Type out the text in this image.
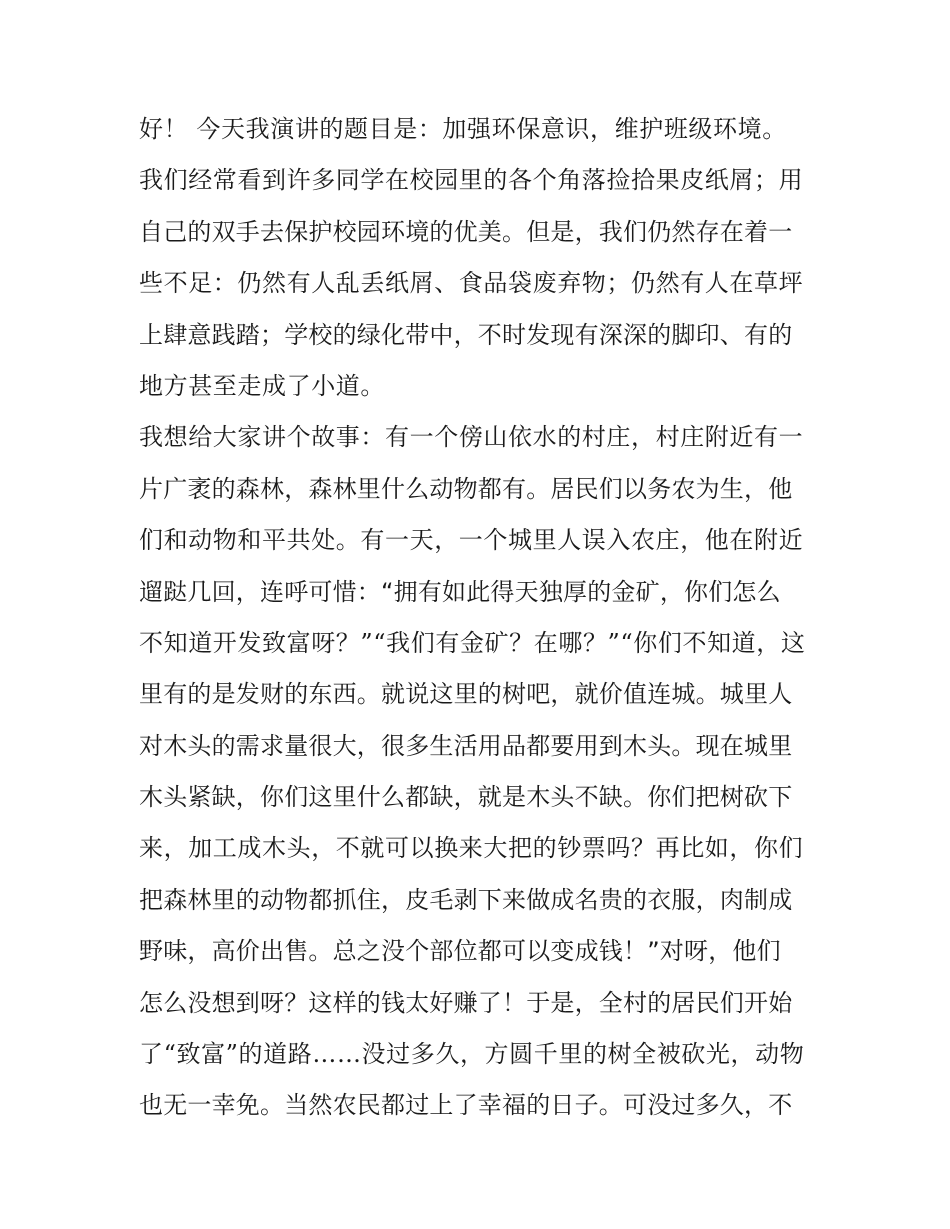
好！ 今天我演讲的题目是：加强环保意识，维护班级环境。
我们经常看到许多同学在校园里的各个角落捡拾果皮纸屑；用
自己的双手去保护校园环境的优美。但是，我们仍然存在着一
些不足：仍然有人乱丢纸屑、食品袋废弃物；仍然有人在草坪
上肆意践踏；学校的绿化带中，不时发现有深深的脚印、有的
地方甚至走成了小道。
我想给大家讲个故事：有一个傍山依水的村庄，村庄附近有一
片广袤的森林，森林里什么动物都有。居民们以务农为生，他
们和动物和平共处。有一天，一个城里人误入农庄，他在附近
遛跶几回，连呼可惜：“拥有如此得天独厚的金矿，你们怎么
不知道开发致富呀？”“我们有金矿？在哪？”“你们不知道，这
里有的是发财的东西。就说这里的树吧，就价值连城。城里人
对木头的需求量很大，很多生活用品都要用到木头。现在城里
木头紧缺，你们这里什么都缺，就是木头不缺。你们把树砍下
来，加工成木头，不就可以换来大把的钞票吗？再比如，你们
把森林里的动物都抓住，皮毛剥下来做成名贵的衣服，肉制成
野味，高价出售。总之没个部位都可以变成钱！”对呀，他们
怎么没想到呀？这样的钱太好赚了！于是，全村的居民们开始
了“致富”的道路……没过多久，方圆千里的树全被砍光，动物
也无一幸免。当然农民都过上了幸福的日子。可没过多久，不
